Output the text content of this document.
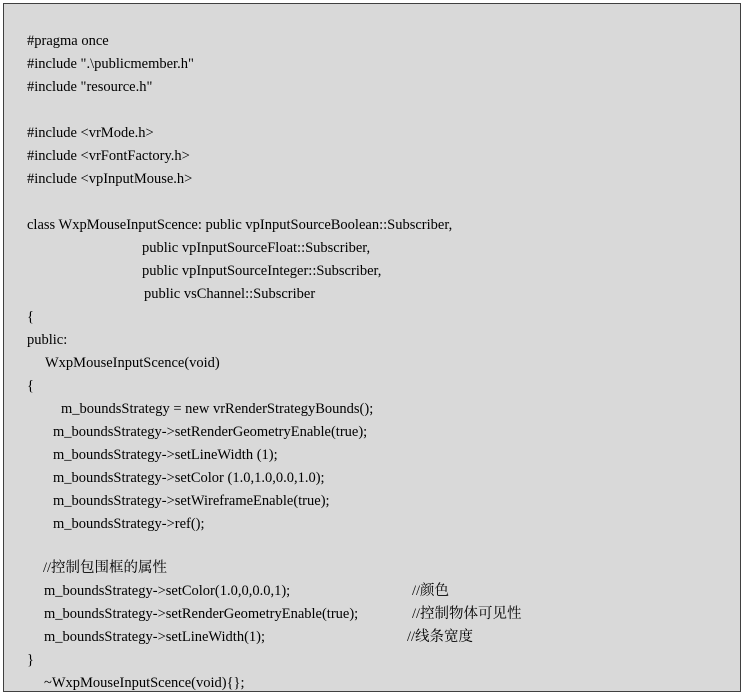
#pragma once
#include ".\publicmember.h"
#include "resource.h"
#include <vrMode.h>
#include <vrFontFactory.h>
#include <vpInputMouse.h>
class WxpMouseInputScence: public vpInputSourceBoolean::Subscriber,
public vpInputSourceFloat::Subscriber,
public vpInputSourceInteger::Subscriber,
public vsChannel::Subscriber
{
public:
WxpMouseInputScence(void)
{
m_boundsStrategy = new vrRenderStrategyBounds();
m_boundsStrategy->setRenderGeometryEnable(true);
m_boundsStrategy->setLineWidth (1);
m_boundsStrategy->setColor (1.0,1.0,0.0,1.0);
m_boundsStrategy->setWireframeEnable(true);
m_boundsStrategy->ref();
//控制包围框的属性
m_boundsStrategy->setColor(1.0,0,0.0,1);	//颜色
m_boundsStrategy->setRenderGeometryEnable(true);	//控制物体可见性
m_boundsStrategy->setLineWidth(1);	//线条宽度
}
~WxpMouseInputScence(void){};
